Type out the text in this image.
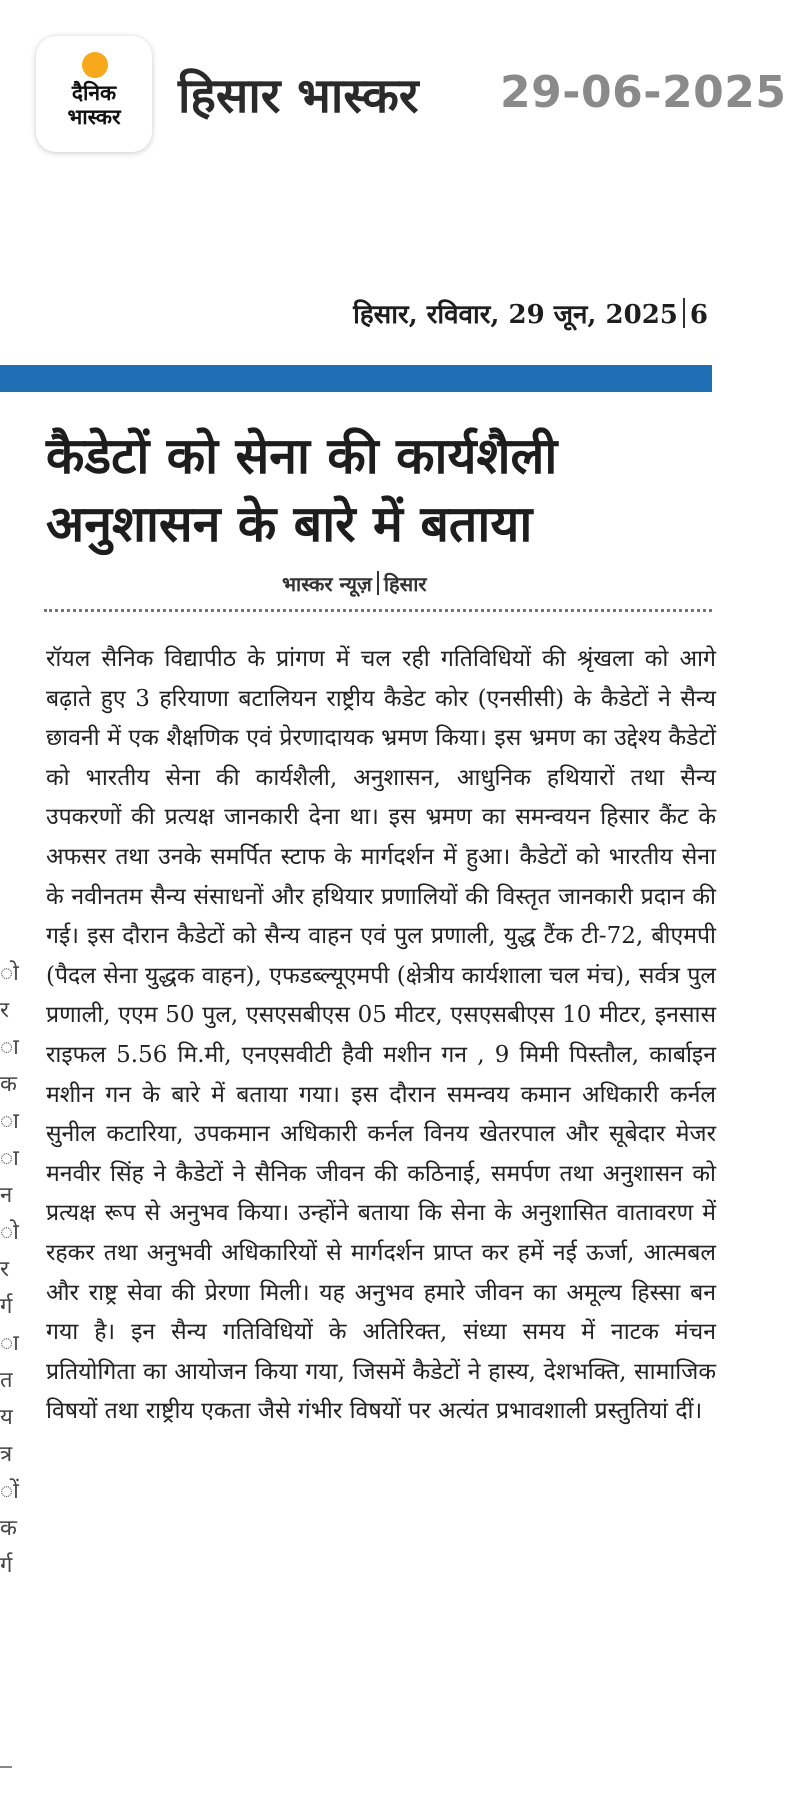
दैनिक
भास्कर	हिसार भास्कर 29-06-2025
हिसार, रविवार, 29 जून, 2025 6
कैडेटों को सेना की कार्यशैली अनुशासन के बारे में बताया
भास्कर न्यूज़ हिसार
रॉयल सैनिक विद्यापीठ के प्रांगण में चल रही गतिविधियों की श्रृंखला को आगे बढ़ाते हुए 3 हरियाणा बटालियन राष्ट्रीय कैडेट कोर (एनसीसी) के कैडेटों ने सैन्य छावनी में एक शैक्षणिक एवं प्रेरणादायक भ्रमण किया। इस भ्रमण का उद्देश्य कैडेटों को भारतीय सेना की कार्यशैली, अनुशासन, आधुनिक हथियारों तथा सैन्य उपकरणों की प्रत्यक्ष जानकारी देना था। इस भ्रमण का समन्वयन हिसार कैंट के अफसर तथा उनके समर्पित स्टाफ के मार्गदर्शन में हुआ। कैडेटों को भारतीय सेना के नवीनतम सैन्य संसाधनों और हथियार प्रणालियों की विस्तृत जानकारी प्रदान की गई। इस दौरान कैडेटों को सैन्य वाहन एवं पुल प्रणाली, युद्ध टैंक टी-72, बीएमपी (पैदल सेना युद्धक वाहन), एफडब्ल्यूएमपी (क्षेत्रीय कार्यशाला चल मंच), सर्वत्र पुल प्रणाली, एएम 50 पुल, एसएसबीएस 05 मीटर, एसएसबीएस 10 मीटर, इनसास राइफल 5.56 मि.मी, एनएसवीटी हैवी मशीन गन , 9 मिमी पिस्तौल, कार्बाइन मशीन गन के बारे में बताया गया। इस दौरान समन्वय कमान अधिकारी कर्नल सुनील कटारिया, उपकमान अधिकारी कर्नल विनय खेतरपाल और सूबेदार मेजर मनवीर सिंह ने कैडेटों ने सैनिक जीवन की कठिनाई, समर्पण तथा अनुशासन को प्रत्यक्ष रूप से अनुभव किया। उन्होंने बताया कि सेना के अनुशासित वातावरण में रहकर तथा अनुभवी अधिकारियों से मार्गदर्शन प्राप्त कर हमें नई ऊर्जा, आत्मबल और राष्ट्र सेवा की प्रेरणा मिली। यह अनुभव हमारे जीवन का अमूल्य हिस्सा बन गया है। इन सैन्य गतिविधियों के अतिरिक्त, संध्या समय में नाटक मंचन प्रतियोगिता का आयोजन किया गया, जिसमें कैडेटों ने हास्य, देशभक्ति, सामाजिक विषयों तथा राष्ट्रीय एकता जैसे गंभीर विषयों पर अत्यंत प्रभावशाली प्रस्तुतियां दीं।
ो
र
ा
क
ा
ा
न
ो
र
र्ग
ा
त
य
त्र
ों
क
र्ग
